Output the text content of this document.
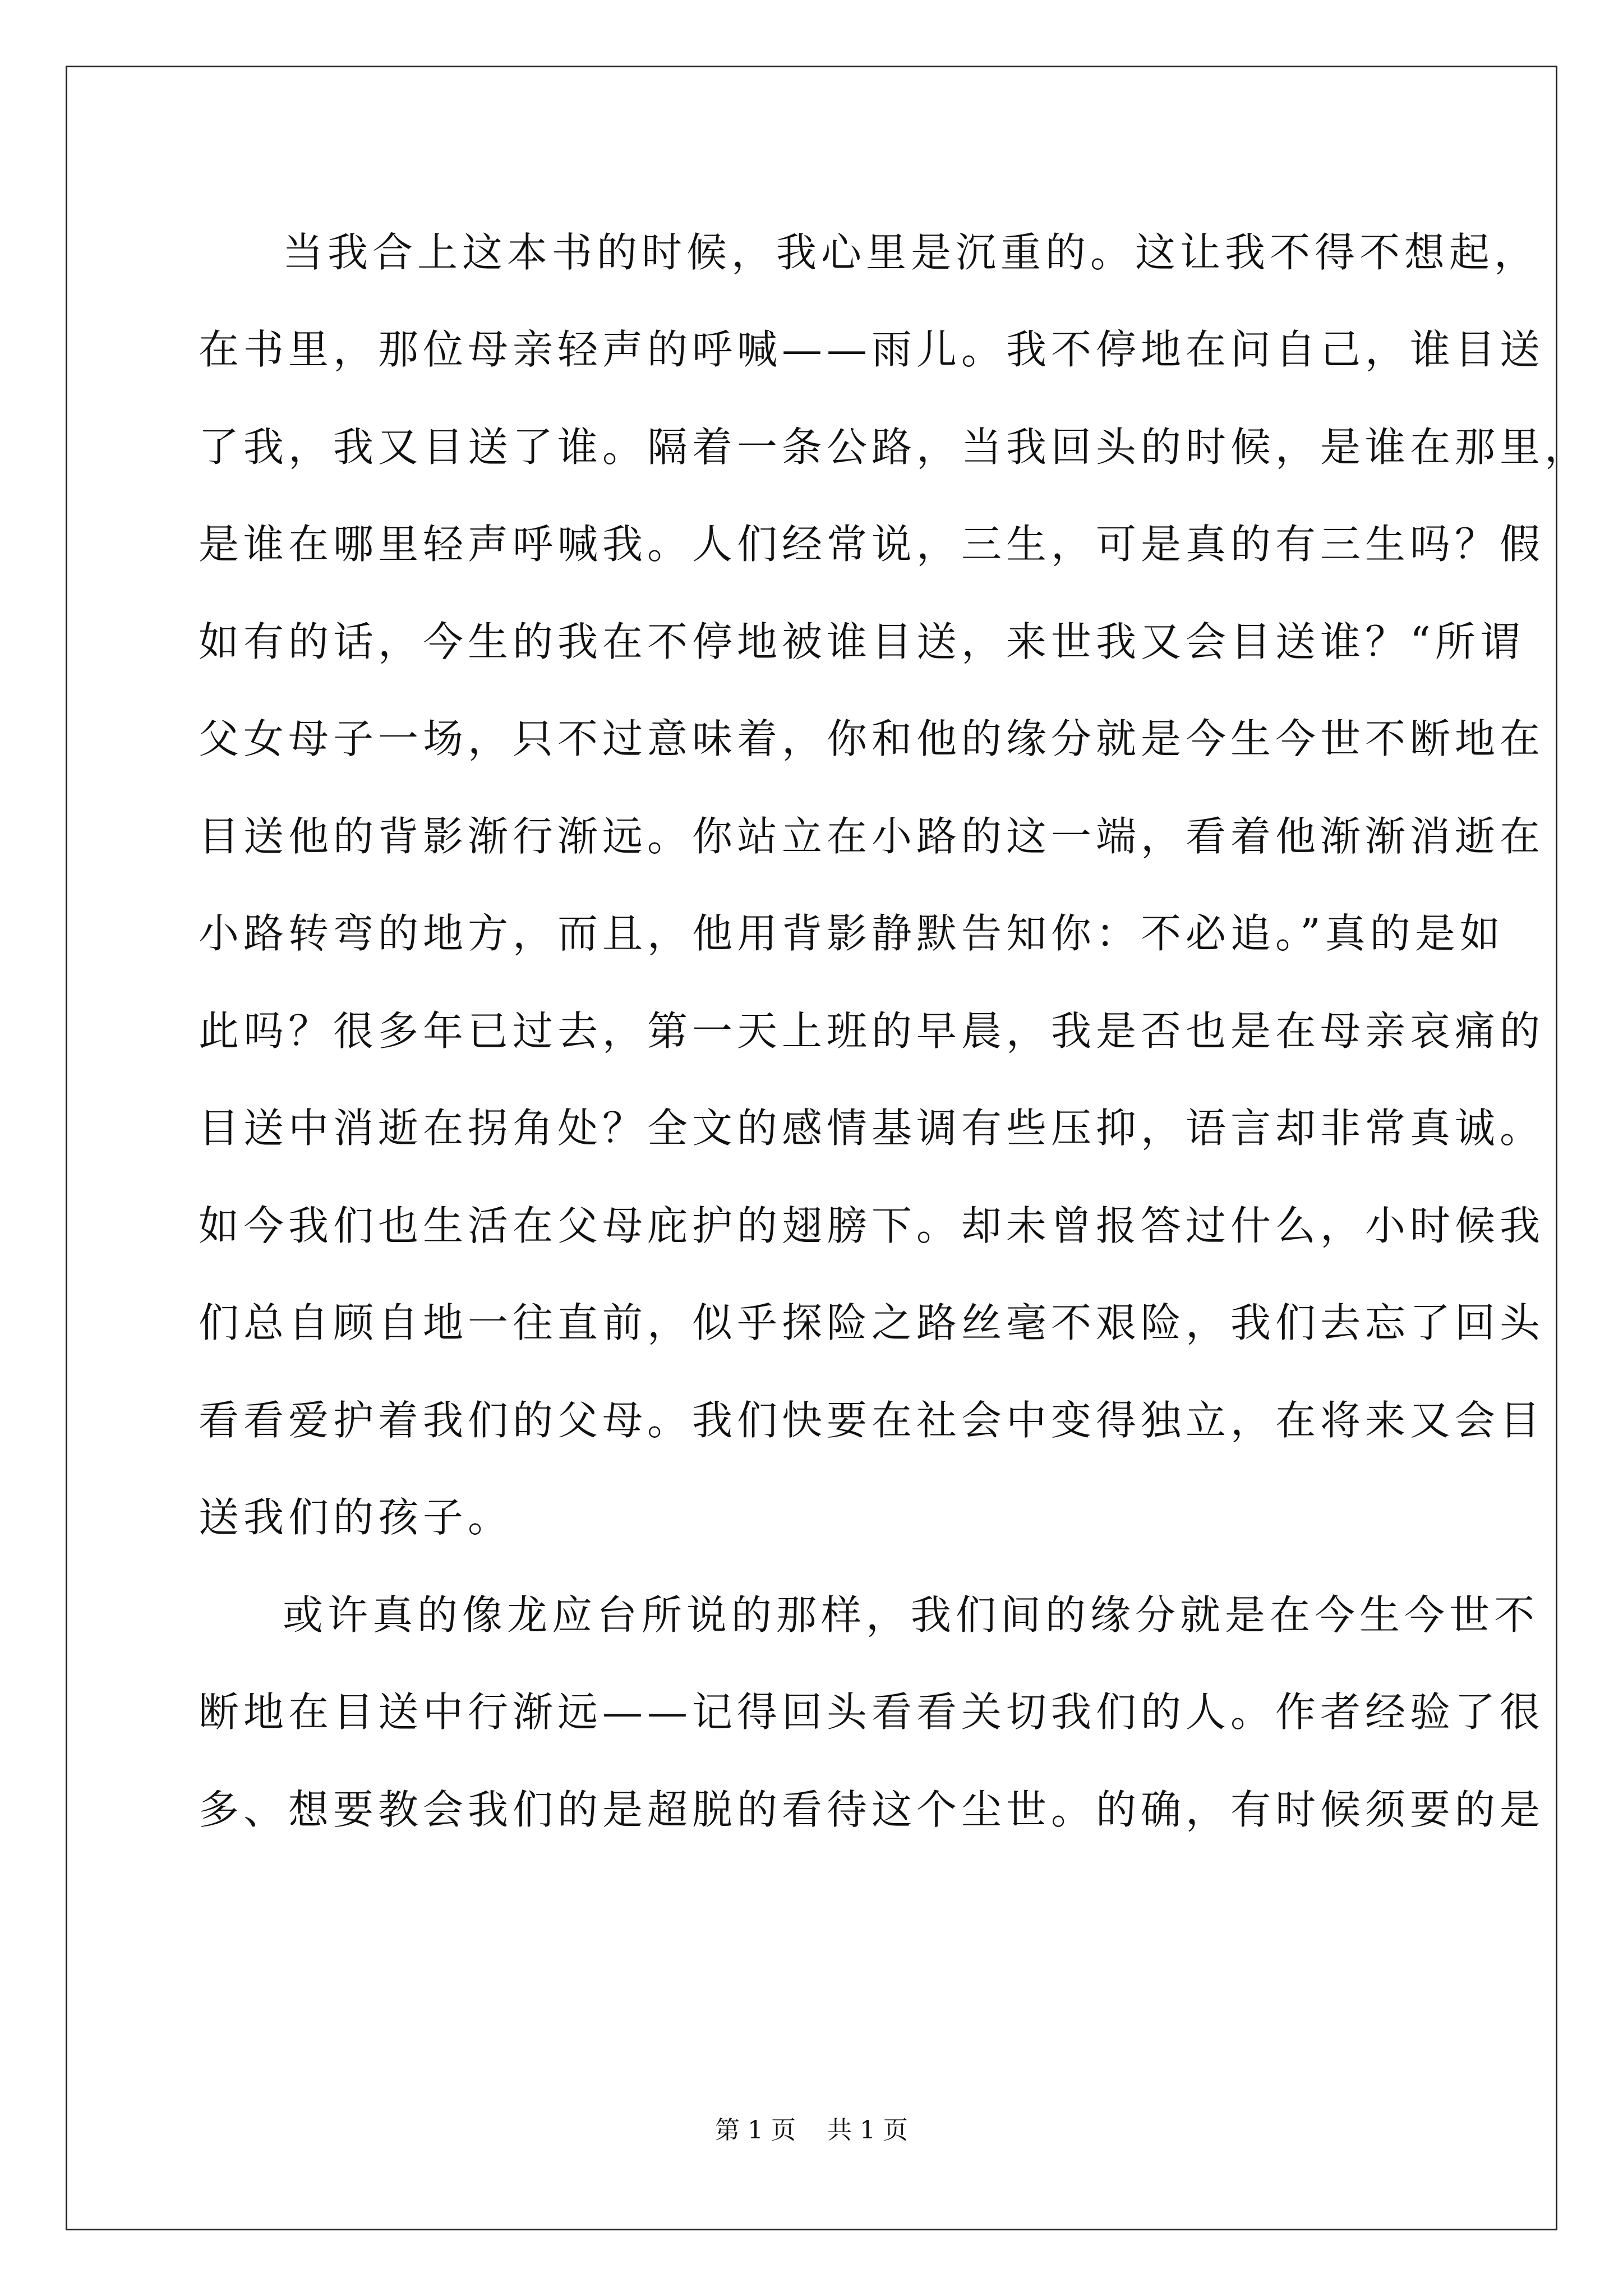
当我合上这本书的时候，我心里是沉重的。这让我不得不想起，
在书里，那位母亲轻声的呼喊——雨儿。我不停地在问自己，谁目送
了我，我又目送了谁。隔着一条公路，当我回头的时候，是谁在那里，
是谁在哪里轻声呼喊我。人们经常说，三生，可是真的有三生吗？假
如有的话，今生的我在不停地被谁目送，来世我又会目送谁？“所谓
父女母子一场，只不过意味着，你和他的缘分就是今生今世不断地在
目送他的背影渐行渐远。你站立在小路的这一端，看着他渐渐消逝在
小路转弯的地方，而且，他用背影静默告知你：不必追。”真的是如
此吗？很多年已过去，第一天上班的早晨，我是否也是在母亲哀痛的
目送中消逝在拐角处？全文的感情基调有些压抑，语言却非常真诚。
如今我们也生活在父母庇护的翅膀下。却未曾报答过什么，小时候我
们总自顾自地一往直前，似乎探险之路丝毫不艰险，我们去忘了回头
看看爱护着我们的父母。我们快要在社会中变得独立，在将来又会目
送我们的孩子。
或许真的像龙应台所说的那样，我们间的缘分就是在今生今世不
断地在目送中行渐远——记得回头看看关切我们的人。作者经验了很
多、想要教会我们的是超脱的看待这个尘世。的确，有时候须要的是
第 1 页 共 1 页
